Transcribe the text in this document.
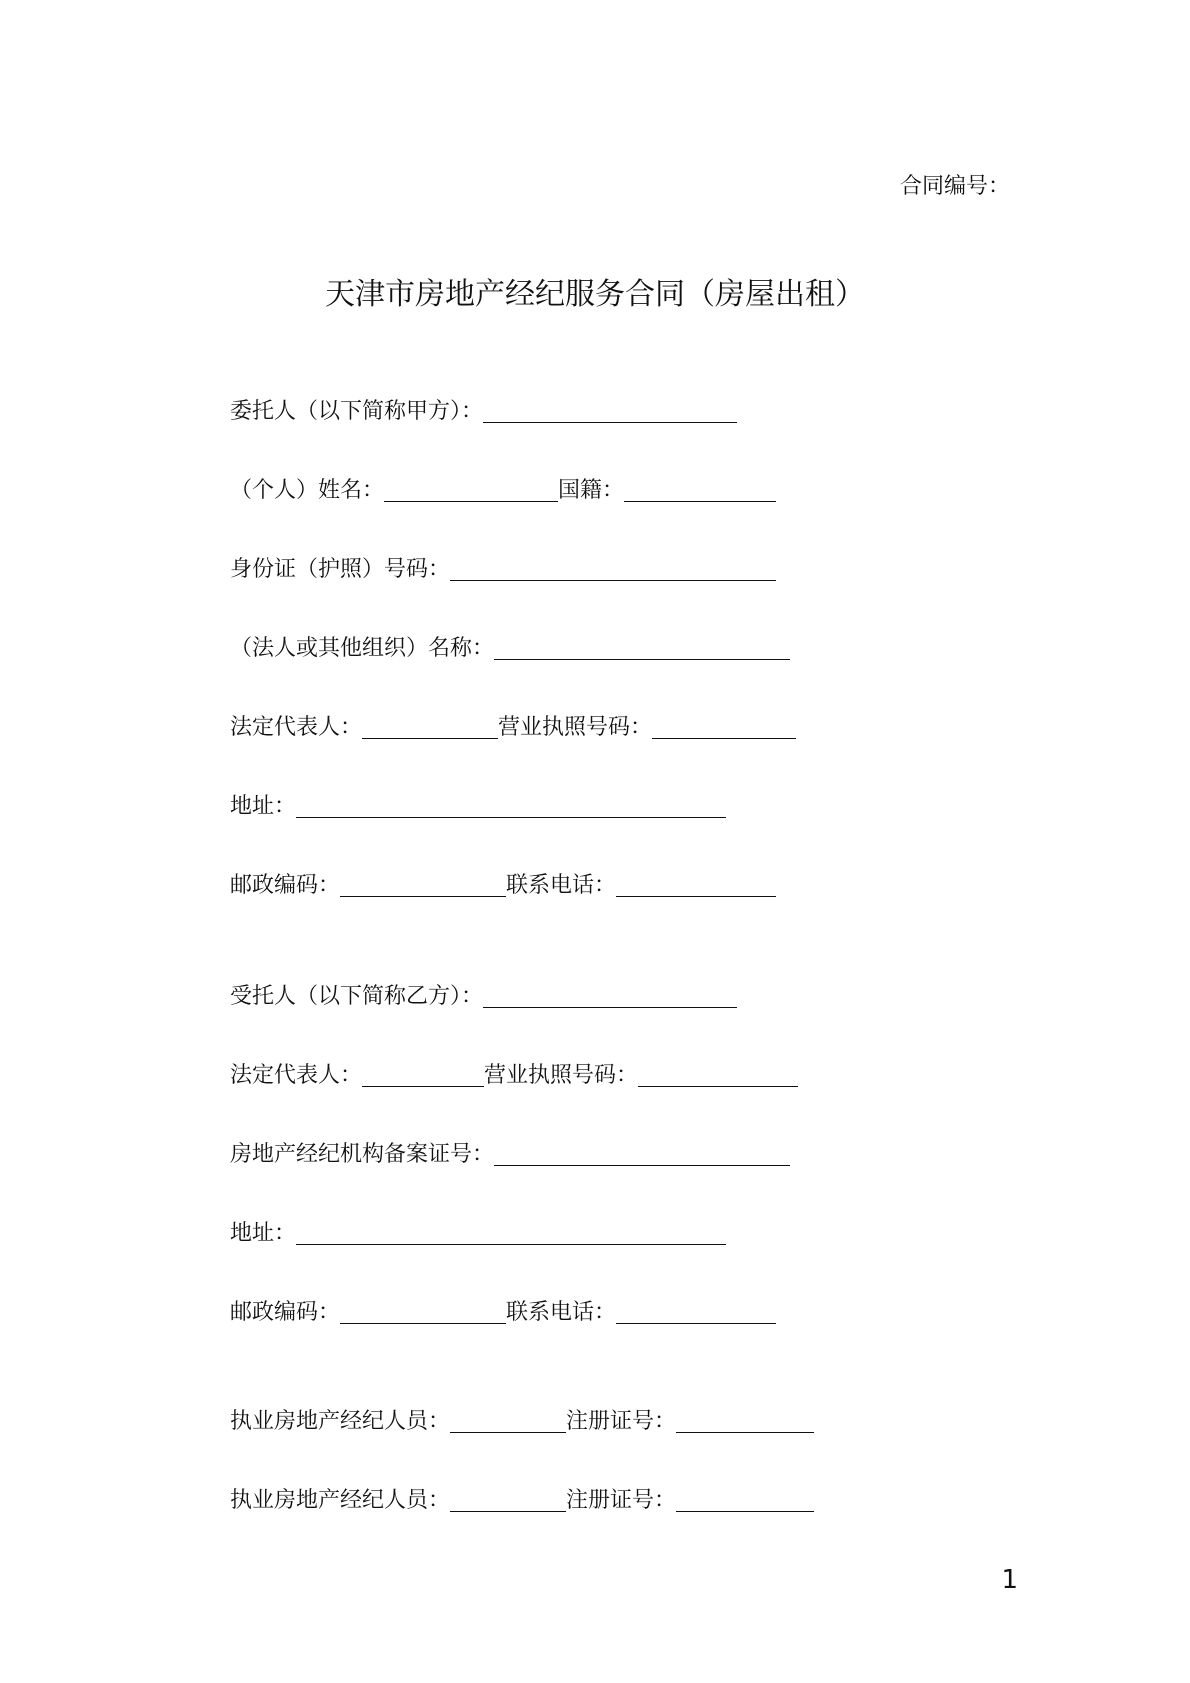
合同编号：
天津市房地产经纪服务合同（房屋出租）
委托人（以下简称甲方）：
（个人）姓名：	国籍：
身份证（护照）号码：
（法人或其他组织）名称：
法定代表人：	营业执照号码：
地址：
邮政编码：	联系电话：
受托人（以下简称乙方）：
法定代表人：	营业执照号码：
房地产经纪机构备案证号：
地址：
邮政编码：	联系电话：
执业房地产经纪人员：	注册证号：
执业房地产经纪人员：	注册证号：
1
